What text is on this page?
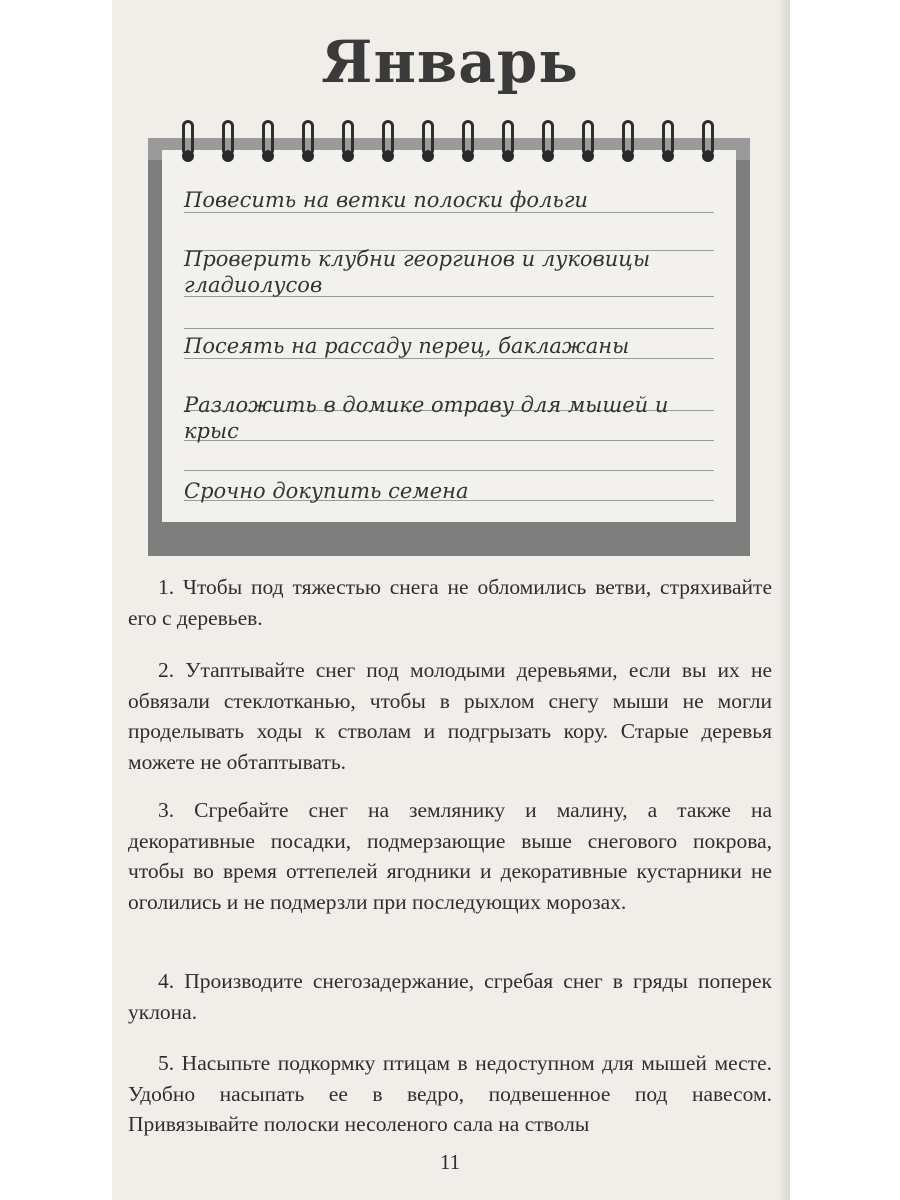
Январь
Повесить на ветки полоски фольги
Проверить клубни георгинов и луковицы гладиолусов
Посеять на рассаду перец, баклажаны
Разложить в домике отраву для мышей и крыс
Срочно докупить семена

1. Чтобы под тяжестью снега не обломились ветви, стряхивайте его с деревьев.

2. Утаптывайте снег под молодыми деревьями, если вы их не обвязали стеклотканью, чтобы в рыхлом снегу мыши не могли проделывать ходы к стволам и подгрызать кору. Старые деревья можете не обтаптывать.

3. Сгребайте снег на землянику и малину, а также на декоративные посадки, подмерзающие выше снегового покрова, чтобы во время оттепелей ягодники и декоративные кустарники не оголились и не подмерзли при последующих морозах.

4. Производите снегозадержание, сгребая снег в гряды поперек уклона.

5. Насыпьте подкормку птицам в недоступном для мышей месте. Удобно насыпать ее в ведро, подвешенное под навесом. Привязывайте полоски несоленого сала на стволы

11
